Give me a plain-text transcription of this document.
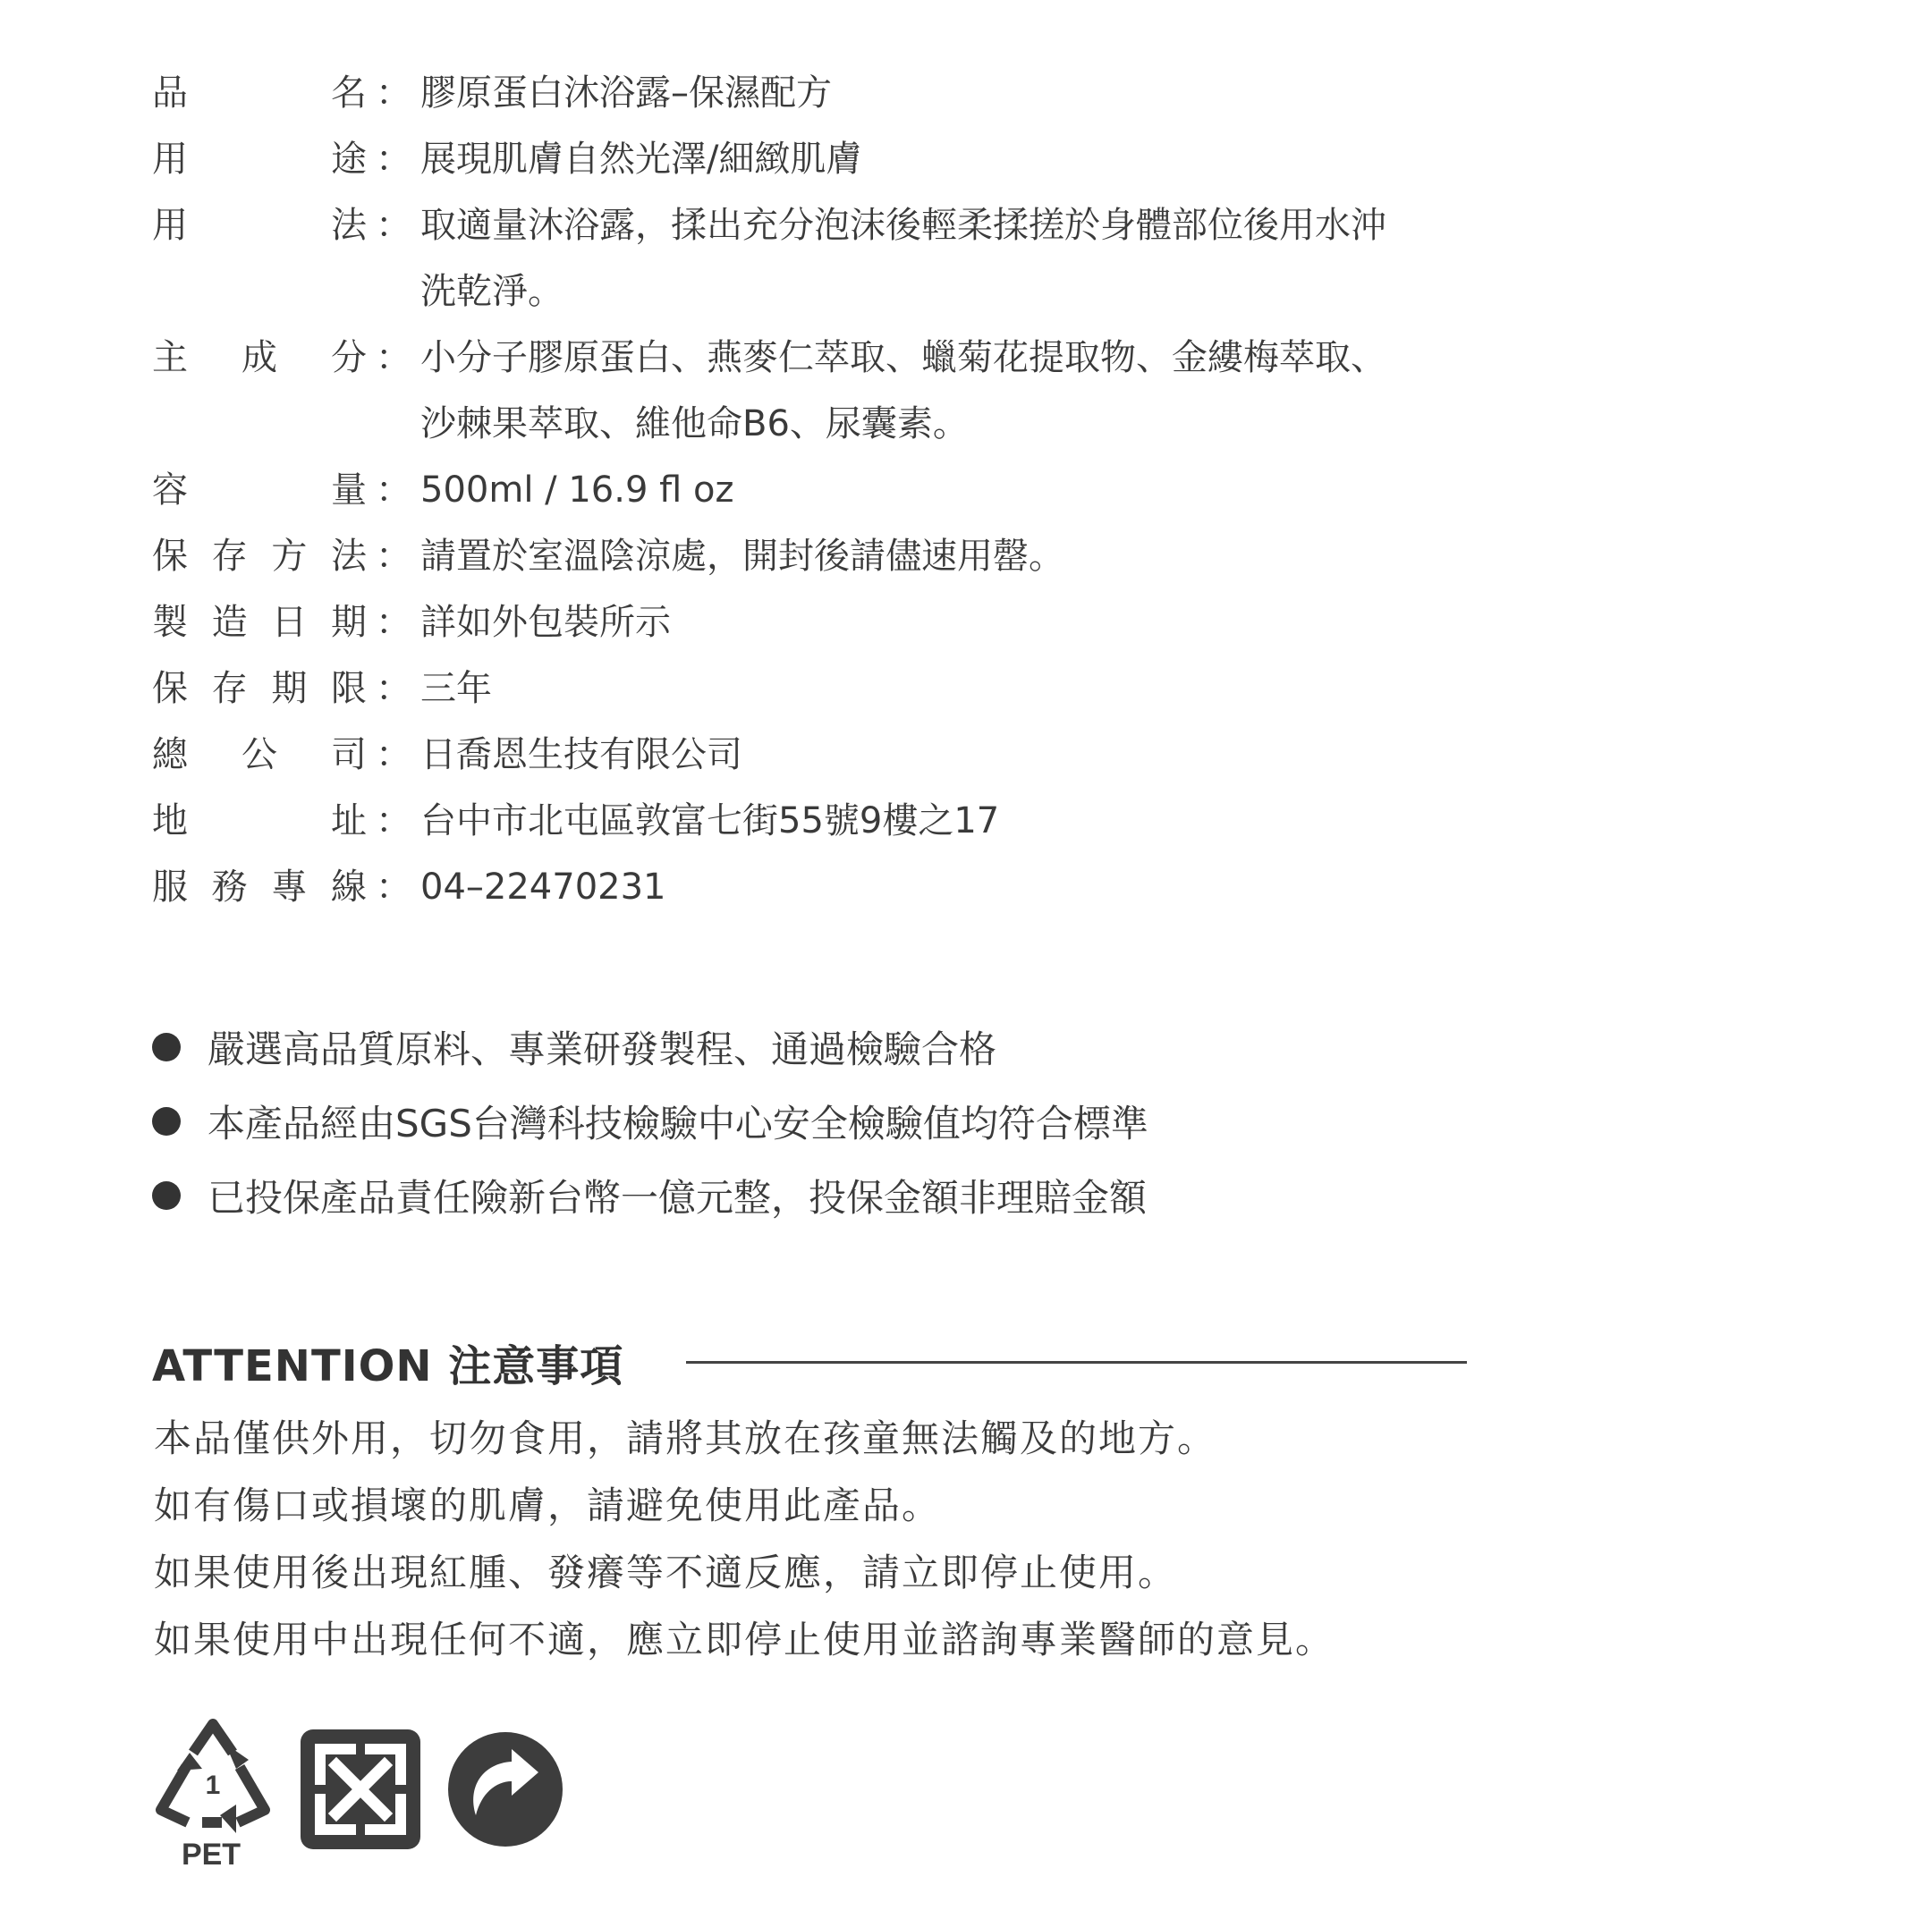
品	名 ： 膠原蛋白沐浴露–保濕配方
用	途 ： 展現肌膚自然光澤/細緻肌膚
用	法 ： 取適量沐浴露，揉出充分泡沫後輕柔揉搓於身體部位後用水沖
洗乾淨。
主 成 分 ： 小分子膠原蛋白、燕麥仁萃取、蠟菊花提取物、金縷梅萃取、
沙棘果萃取、維他命B6、尿囊素。
容	量 ： 500ml / 16.9 fl oz
保 存 方 法 ： 請置於室溫陰涼處，開封後請儘速用罄。
製 造 日 期 ： 詳如外包裝所示
保 存 期 限 ： 三年
總 公 司 ： 日喬恩生技有限公司
地	址 ： 台中市北屯區敦富七街55號9樓之17
服 務 專 線 ： 04–22470231
嚴選高品質原料、專業研發製程、通過檢驗合格
本產品經由SGS台灣科技檢驗中心安全檢驗值均符合標準
已投保產品責任險新台幣一億元整，投保金額非理賠金額
ATTENTION 注意事項
本品僅供外用，切勿食用，請將其放在孩童無法觸及的地方。
如有傷口或損壞的肌膚，請避免使用此產品。
如果使用後出現紅腫、發癢等不適反應，請立即停止使用。
如果使用中出現任何不適，應立即停止使用並諮詢專業醫師的意見。
1
PET
